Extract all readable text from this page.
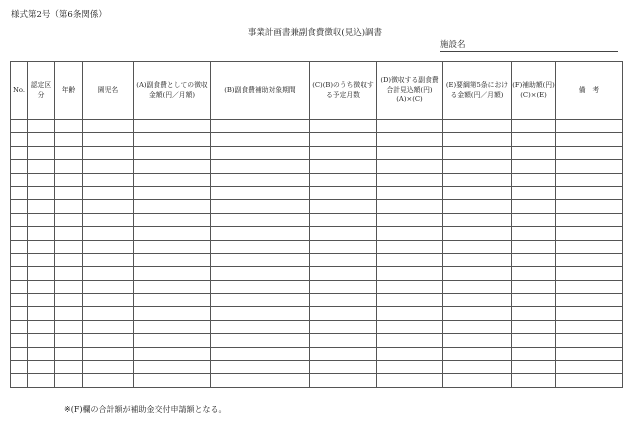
様式第2号（第6条関係）
事業計画書兼副食費徴収(見込)調書
施設名
No.	認定区分	年齢	園児名	(A)副食費としての徴収金額(円／月額)	(B)副食費補助対象期間	(C)(B)のうち徴収する予定月数	(D)徴収する副食費合計見込額(円)(A)×(C)	(E)要綱第5条における金額(円／月額)	(F)補助額(円)(C)×(E)	備　考

※(F)欄の合計額が補助金交付申請額となる。
